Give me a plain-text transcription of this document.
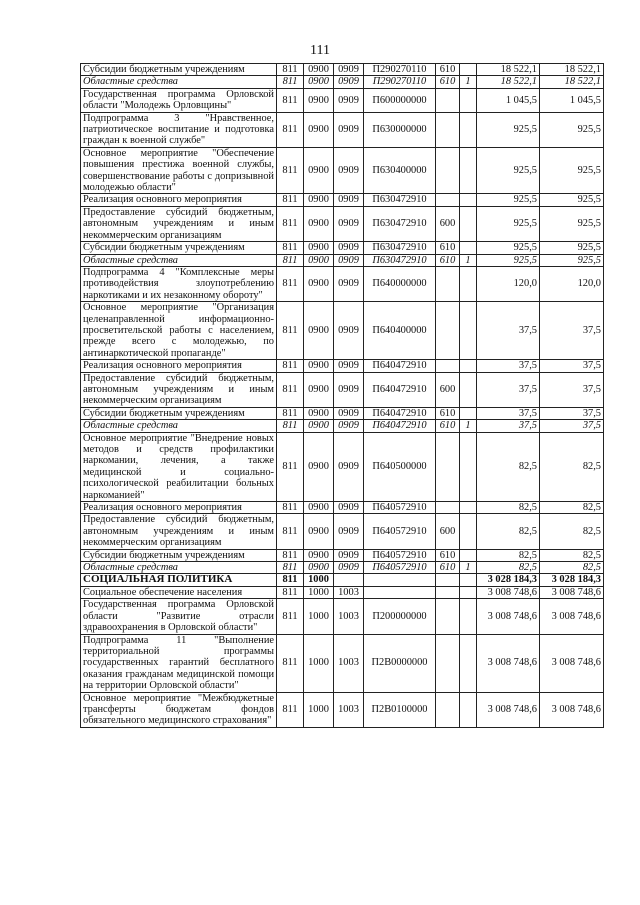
111
Субсидии бюджетным учреждениям	811	0900	0909	П290270110	610		18 522,1	18 522,1
Областные средства	811	0900	0909	П290270110	610	1	18 522,1	18 522,1
Государственная программа Орловской области "Молодежь Орловщины"	811	0900	0909	П600000000			1 045,5	1 045,5
Подпрограмма 3 "Нравственное, патриотическое воспитание и подготовка граждан к военной службе"	811	0900	0909	П630000000			925,5	925,5
Основное мероприятие "Обеспечение повышения престижа военной службы, совершенствование работы с допризывной молодежью области"	811	0900	0909	П630400000			925,5	925,5
Реализация основного мероприятия	811	0900	0909	П630472910			925,5	925,5
Предоставление субсидий бюджетным, автономным учреждениям и иным некоммерческим организациям	811	0900	0909	П630472910	600		925,5	925,5
Субсидии бюджетным учреждениям	811	0900	0909	П630472910	610		925,5	925,5
Областные средства	811	0900	0909	П630472910	610	1	925,5	925,5
Подпрограмма 4 "Комплексные меры противодействия злоупотреблению наркотиками и их незаконному обороту"	811	0900	0909	П640000000			120,0	120,0
Основное мероприятие "Организация целенаправленной информационно-просветительской работы с населением, прежде всего с молодежью, по антинаркотической пропаганде"	811	0900	0909	П640400000			37,5	37,5
Реализация основного мероприятия	811	0900	0909	П640472910			37,5	37,5
Предоставление субсидий бюджетным, автономным учреждениям и иным некоммерческим организациям	811	0900	0909	П640472910	600		37,5	37,5
Субсидии бюджетным учреждениям	811	0900	0909	П640472910	610		37,5	37,5
Областные средства	811	0900	0909	П640472910	610	1	37,5	37,5
Основное мероприятие "Внедрение новых методов и средств профилактики наркомании, лечения, а также медицинской и социально-психологической реабилитации больных наркоманией"	811	0900	0909	П640500000			82,5	82,5
Реализация основного мероприятия	811	0900	0909	П640572910			82,5	82,5
Предоставление субсидий бюджетным, автономным учреждениям и иным некоммерческим организациям	811	0900	0909	П640572910	600		82,5	82,5
Субсидии бюджетным учреждениям	811	0900	0909	П640572910	610		82,5	82,5
Областные средства	811	0900	0909	П640572910	610	1	82,5	82,5
СОЦИАЛЬНАЯ ПОЛИТИКА	811	1000					3 028 184,3	3 028 184,3
Социальное обеспечение населения	811	1000	1003				3 008 748,6	3 008 748,6
Государственная программа Орловской области "Развитие отрасли здравоохранения в Орловской области"	811	1000	1003	П200000000			3 008 748,6	3 008 748,6
Подпрограмма 11 "Выполнение территориальной программы государственных гарантий бесплатного оказания гражданам медицинской помощи на территории Орловской области"	811	1000	1003	П2В0000000			3 008 748,6	3 008 748,6
Основное мероприятие "Межбюджетные трансферты бюджетам фондов обязательного медицинского страхования"	811	1000	1003	П2В0100000			3 008 748,6	3 008 748,6
